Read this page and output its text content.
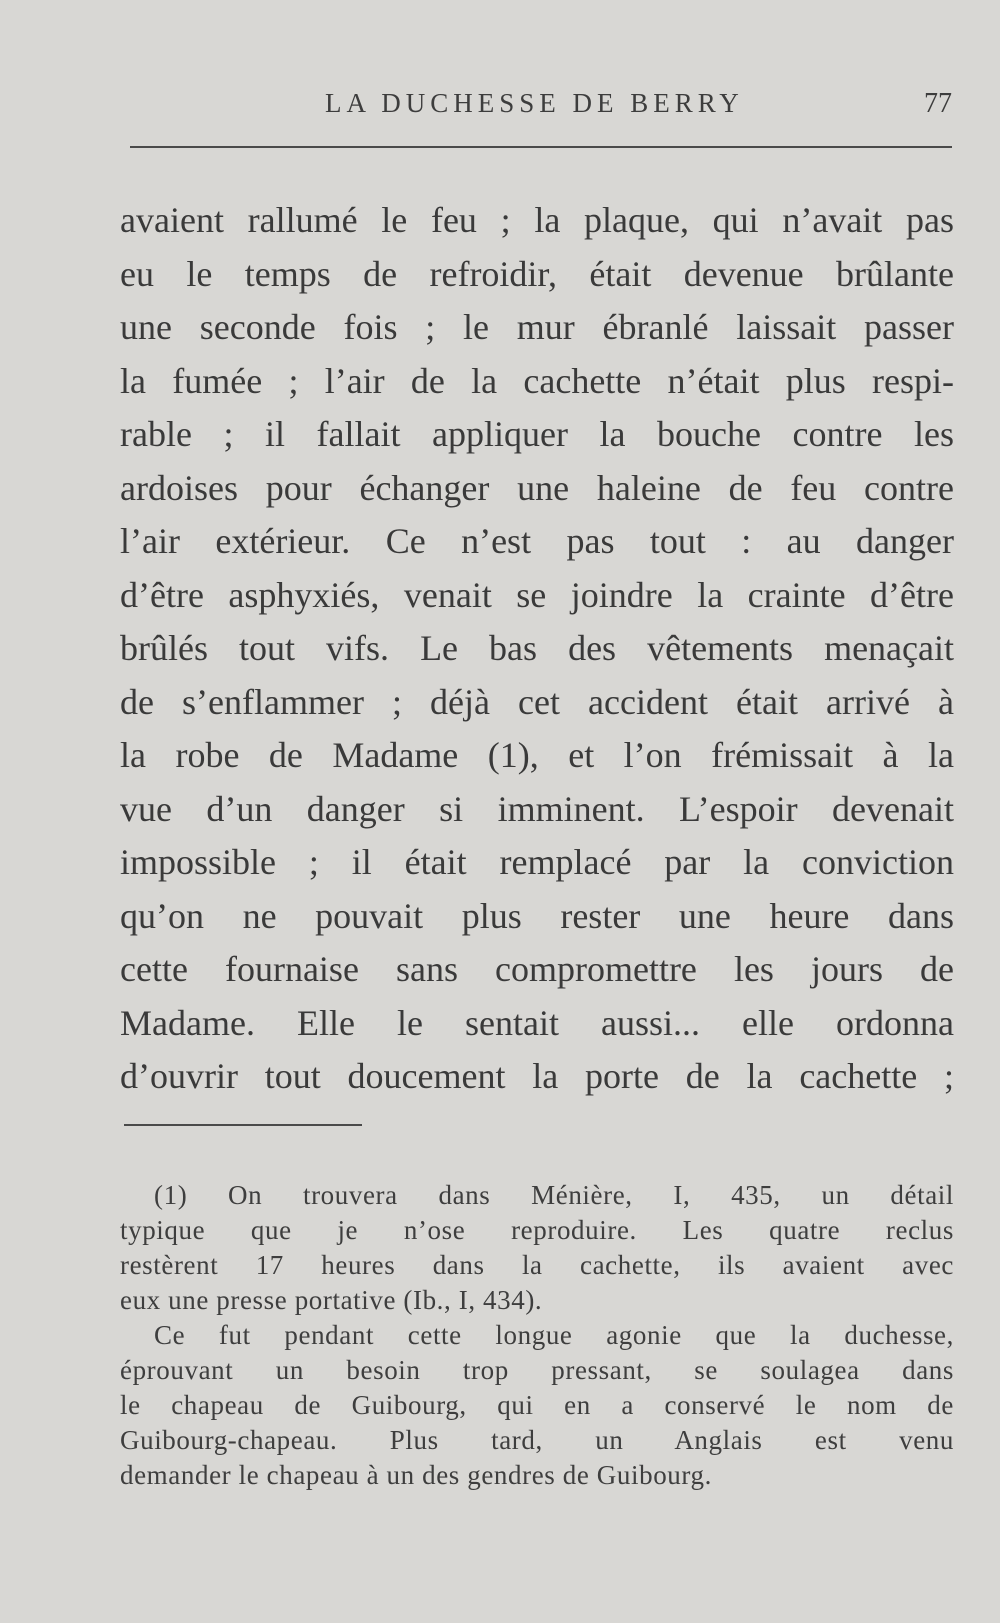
LA DUCHESSE DE BERRY	77
avaient rallumé le feu ; la plaque, qui n’avait pas
eu le temps de refroidir, était devenue brûlante
une seconde fois ; le mur ébranlé laissait passer
la fumée ; l’air de la cachette n’était plus respi-
rable ; il fallait appliquer la bouche contre les
ardoises pour échanger une haleine de feu contre
l’air extérieur. Ce n’est pas tout : au danger
d’être asphyxiés, venait se joindre la crainte d’être
brûlés tout vifs. Le bas des vêtements menaçait
de s’enflammer ; déjà cet accident était arrivé à
la robe de Madame (1), et l’on frémissait à la
vue d’un danger si imminent. L’espoir devenait
impossible ; il était remplacé par la conviction
qu’on ne pouvait plus rester une heure dans
cette fournaise sans compromettre les jours de
Madame. Elle le sentait aussi... elle ordonna
d’ouvrir tout doucement la porte de la cachette ;
(1) On trouvera dans Ménière, I, 435, un détail
typique que je n’ose reproduire. Les quatre reclus
restèrent 17 heures dans la cachette, ils avaient avec
eux une presse portative (Ib., I, 434).
Ce fut pendant cette longue agonie que la duchesse,
éprouvant un besoin trop pressant, se soulagea dans
le chapeau de Guibourg, qui en a conservé le nom de
Guibourg-chapeau. Plus tard, un Anglais est venu
demander le chapeau à un des gendres de Guibourg.
